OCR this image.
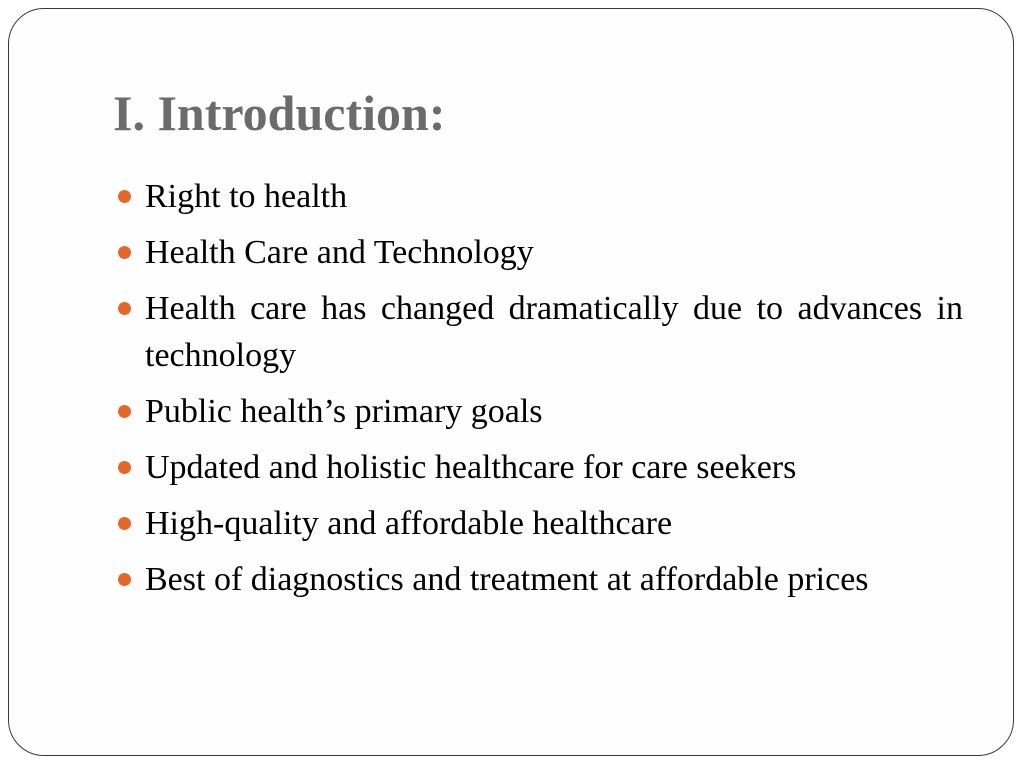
I. Introduction:
Right to health
Health Care and Technology
Health care has changed dramatically due to advances in technology
Public health’s primary goals
Updated and holistic healthcare for care seekers
High-quality and affordable healthcare
Best of diagnostics and treatment at affordable prices
